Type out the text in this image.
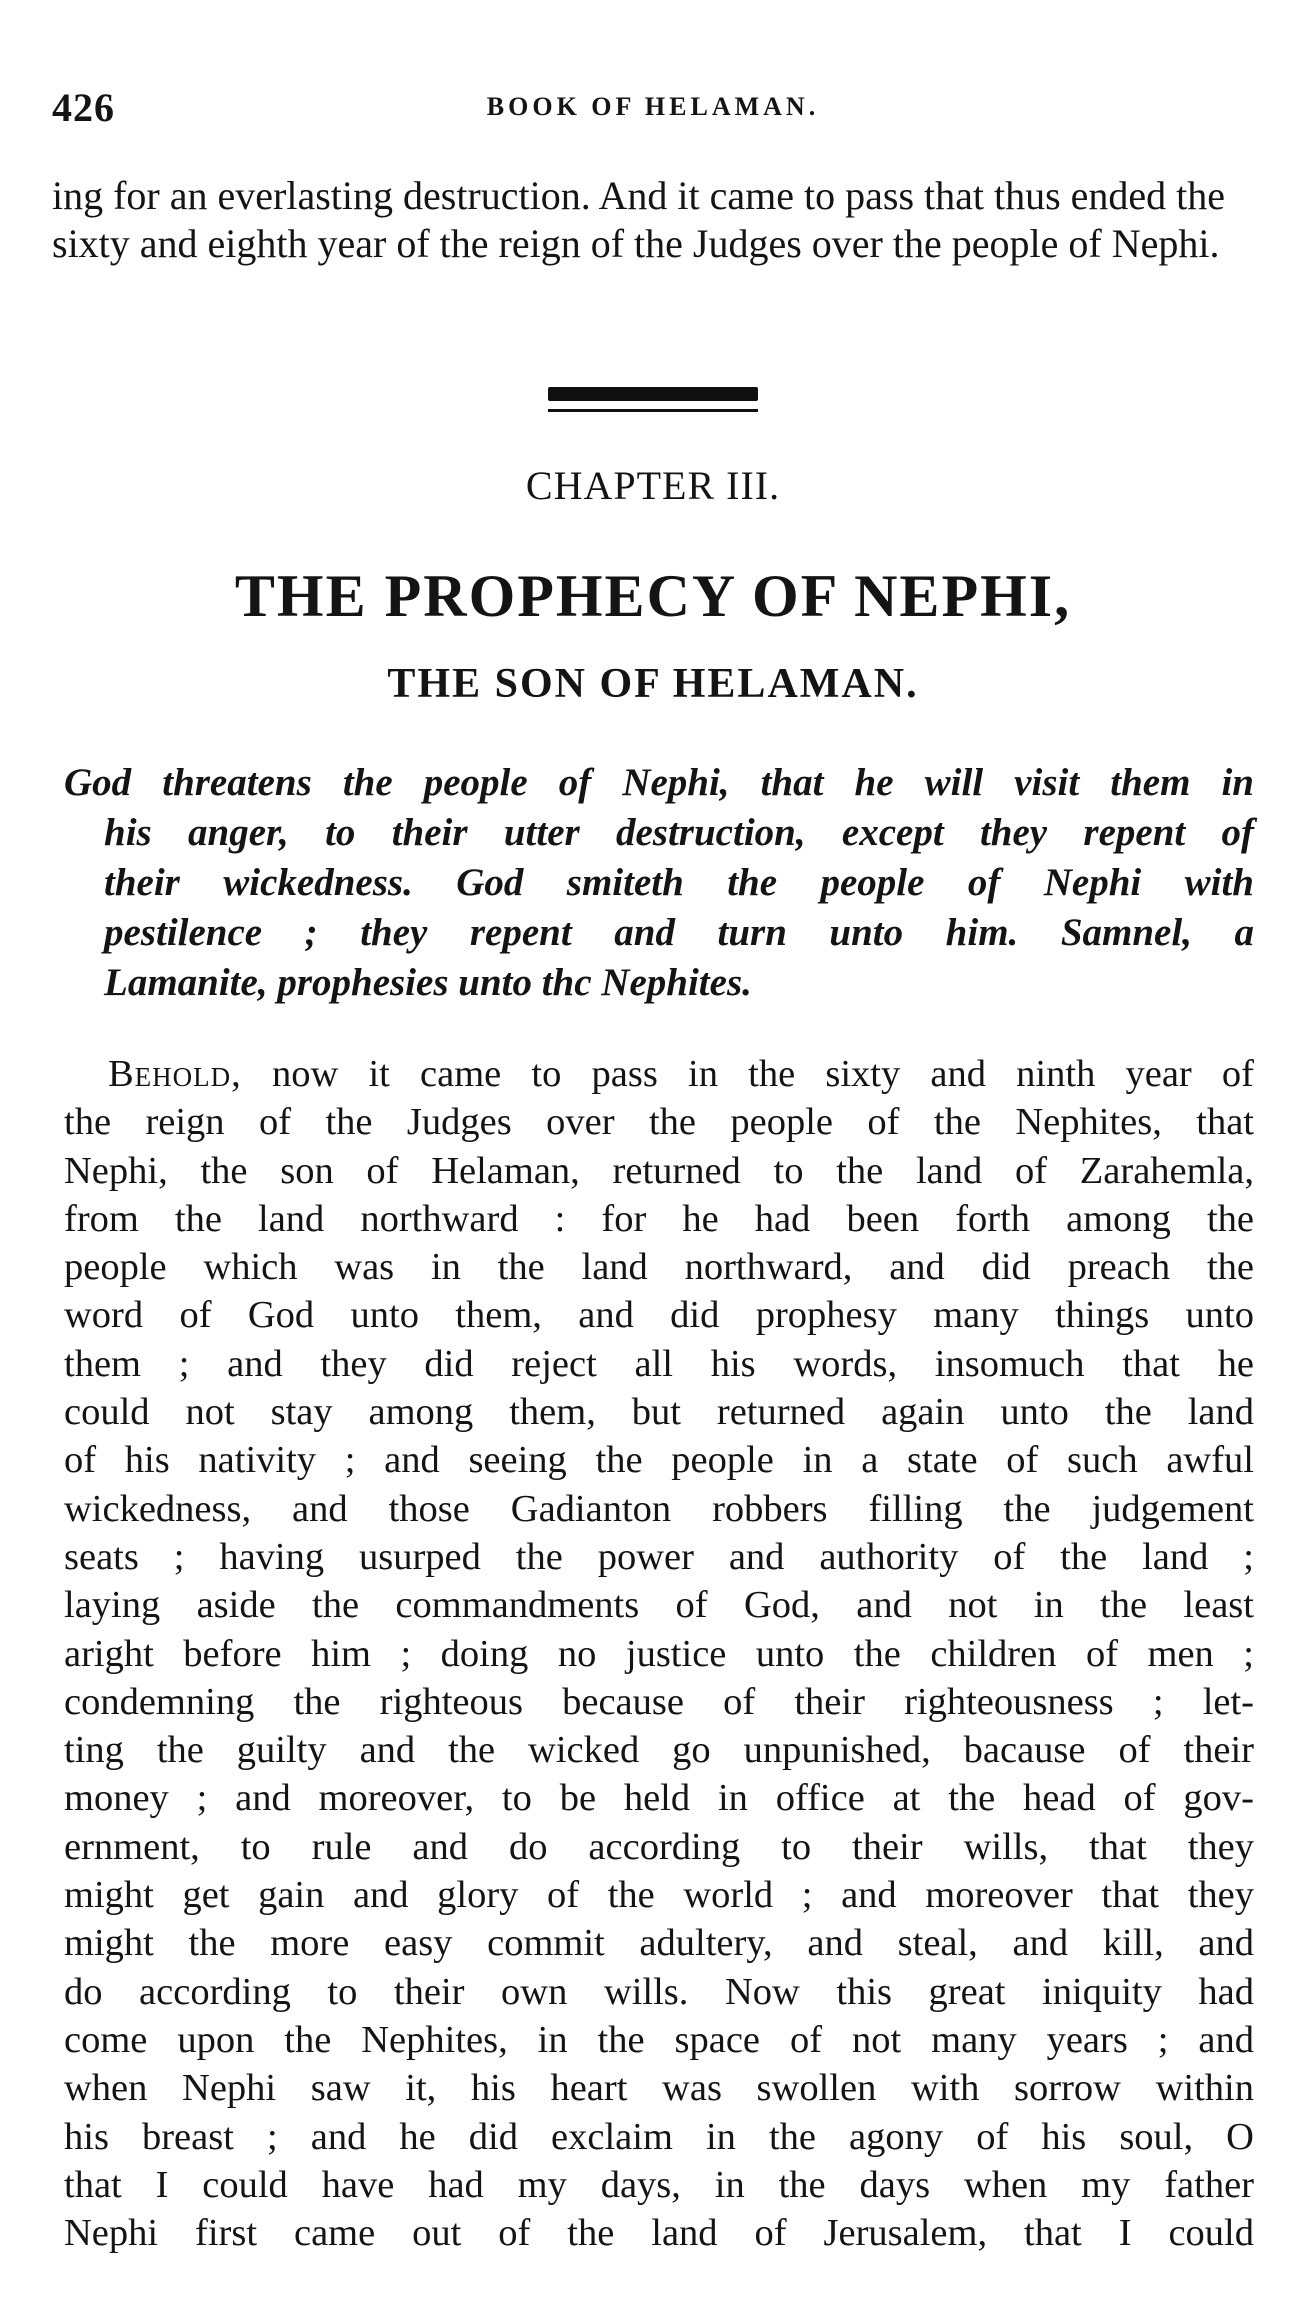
426	BOOK OF HELAMAN.
ing for an everlasting destruction. And it came to pass that thus ended the sixty and eighth year of the reign of the Judges over the people of Nephi.
CHAPTER III.
THE PROPHECY OF NEPHI,
THE SON OF HELAMAN.
God threatens the people of Nephi, that he will visit them in
his anger, to their utter destruction, except they repent of
their wickedness. God smiteth the people of Nephi with
pestilence ; they repent and turn unto him. Samnel, a
Lamanite, prophesies unto thc Nephites.
Behold, now it came to pass in the sixty and ninth year of
the reign of the Judges over the people of the Nephites, that
Nephi, the son of Helaman, returned to the land of Zarahemla,
from the land northward : for he had been forth among the
people which was in the land northward, and did preach the
word of God unto them, and did prophesy many things unto
them ; and they did reject all his words, insomuch that he
could not stay among them, but returned again unto the land
of his nativity ; and seeing the people in a state of such awful
wickedness, and those Gadianton robbers filling the judgement
seats ; having usurped the power and authority of the land ;
laying aside the commandments of God, and not in the least
aright before him ; doing no justice unto the children of men ;
condemning the righteous because of their righteousness ; let-
ting the guilty and the wicked go unpunished, bacause of their
money ; and moreover, to be held in office at the head of gov-
ernment, to rule and do according to their wills, that they
might get gain and glory of the world ; and moreover that they
might the more easy commit adultery, and steal, and kill, and
do according to their own wills. Now this great iniquity had
come upon the Nephites, in the space of not many years ; and
when Nephi saw it, his heart was swollen with sorrow within
his breast ; and he did exclaim in the agony of his soul, O
that I could have had my days, in the days when my father
Nephi first came out of the land of Jerusalem, that I could
